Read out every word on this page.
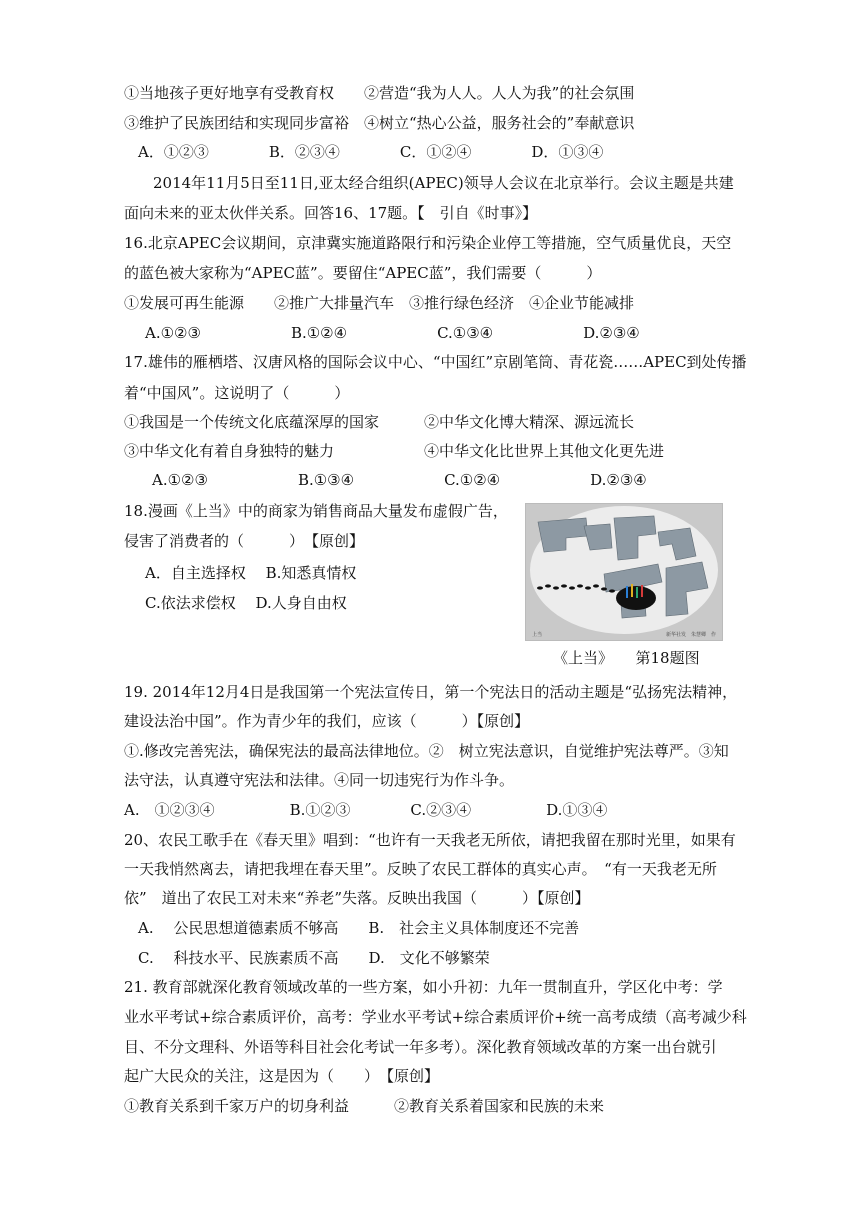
①当地孩子更好地享有受教育权　　②营造“我为人人。人人为我”的社会氛围
③维护了民族团结和实现同步富裕　④树立“热心公益，服务社会的”奉献意识
A．①②③　　　　B．②③④　　　　C．①②④　　　　D．①③④
2014年11月5日至11日,亚太经合组织(APEC)领导人会议在北京举行。会议主题是共建
面向未来的亚太伙伴关系。回答16、17题。【　引自《时事》】
16.北京APEC会议期间，京津冀实施道路限行和污染企业停工等措施，空气质量优良，天空
的蓝色被大家称为“APEC蓝”。要留住“APEC蓝”，我们需要（　　　）
①发展可再生能源　　②推广大排量汽车　③推行绿色经济　④企业节能减排
A.①②③　　　　　　B.①②④　　　　　　C.①③④　　　　　　D.②③④
17.雄伟的雁栖塔、汉唐风格的国际会议中心、“中国红”京剧笔筒、青花瓷……APEC到处传播
着“中国风”。这说明了（　　　）
①我国是一个传统文化底蕴深厚的国家　　　②中华文化博大精深、源远流长
③中华文化有着自身独特的魅力　　　　　　④中华文化比世界上其他文化更先进
A.①②③　　　　　　B.①③④　　　　　　C.①②④　　　　　　D.②③④
18.漫画《上当》中的商家为销售商品大量发布虚假广告，
侵害了消费者的（　　　）　【原创】
A．自主选择权　 B.知悉真情权
C.依法求偿权　 D.人身自由权
上当	新华社发　朱慧卿　作
《上当》　　第18题图
19. 2014年12月4日是我国第一个宪法宣传日，第一个宪法日的活动主题是“弘扬宪法精神，
建设法治中国”。作为青少年的我们，应该（　　　）【原创】
①.修改完善宪法，确保宪法的最高法律地位。②　树立宪法意识，自觉维护宪法尊严。③知
法守法，认真遵守宪法和法律。④同一切违宪行为作斗争。
A.　①②③④　　　　　B.①②③　　　　C.②③④　　　　　D.①③④
20、农民工歌手在《春天里》唱到：“也许有一天我老无所依，请把我留在那时光里，如果有
一天我悄然离去，请把我埋在春天里”。反映了农民工群体的真实心声。　“有一天我老无所
依”　道出了农民工对未来“养老”失落。反映出我国（　　　）【原创】
A.　 公民思想道德素质不够高　　B.　社会主义具体制度还不完善
C.　 科技水平、民族素质不高　　D.　文化不够繁荣
21. 教育部就深化教育领域改革的一些方案，如小升初：九年一贯制直升，学区化中考：学
业水平考试+综合素质评价，高考：学业水平考试+综合素质评价+统一高考成绩（高考减少科
目、不分文理科、外语等科目社会化考试一年多考）。深化教育领域改革的方案一出台就引
起广大民众的关注，这是因为（　　）　【原创】
①教育关系到千家万户的切身利益　　　②教育关系着国家和民族的未来
